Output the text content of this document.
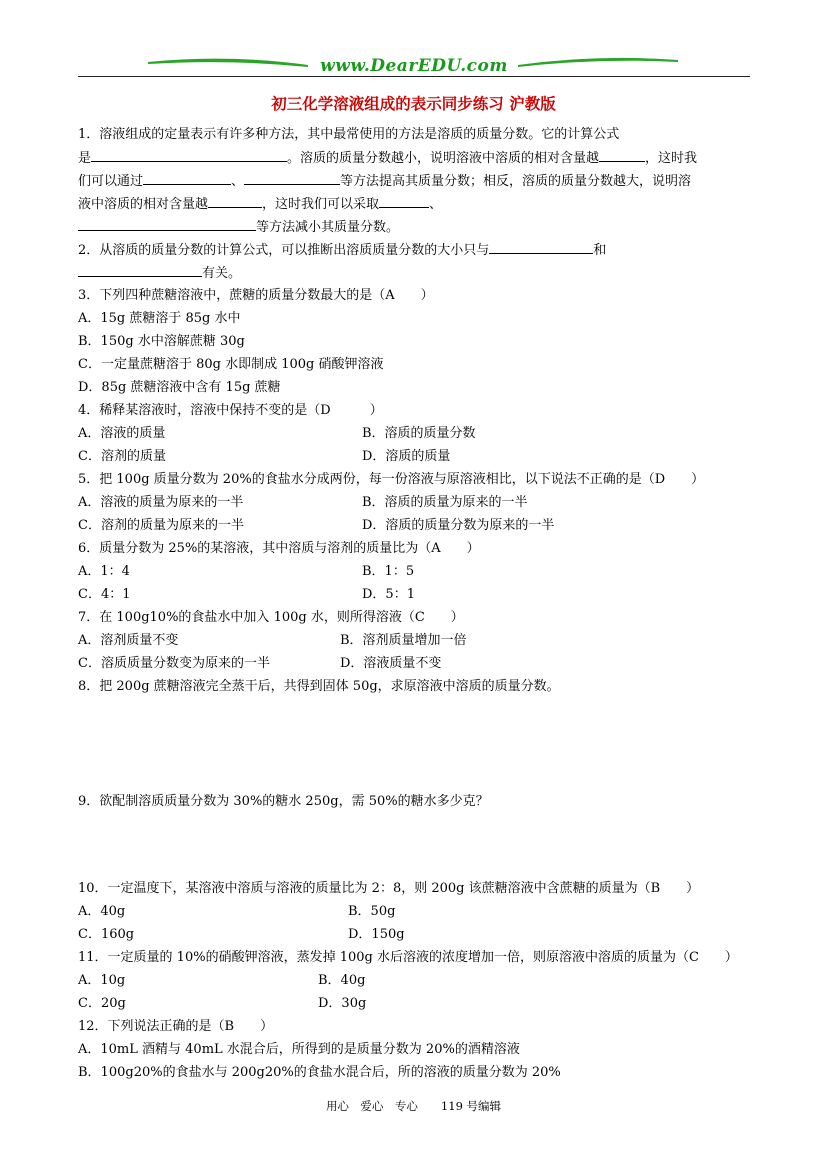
www.DearEDU.com
初三化学溶液组成的表示同步练习 沪教版
1．溶液组成的定量表示有许多种方法，其中最常使用的方法是溶质的质量分数。它的计算公式
是	。溶质的质量分数越小，说明溶液中溶质的相对含量越	，这时我
们可以通过	、	等方法提高其质量分数；相反，溶质的质量分数越大，说明溶
液中溶质的相对含量越	，这时我们可以采取	、
等方法减小其质量分数。
2．从溶质的质量分数的计算公式，可以推断出溶质质量分数的大小只与	和
有关。
3．下列四种蔗糖溶液中，蔗糖的质量分数最大的是（A　　）
A．15g 蔗糖溶于 85g 水中
B．150g 水中溶解蔗糖 30g
C．一定量蔗糖溶于 80g 水即制成 100g 硝酸钾溶液
D．85g 蔗糖溶液中含有 15g 蔗糖
4．稀释某溶液时，溶液中保持不变的是（D　　　）
A．溶液的质量	B．溶质的质量分数
C．溶剂的质量	D．溶质的质量
5．把 100g 质量分数为 20%的食盐水分成两份，每一份溶液与原溶液相比，以下说法不正确的是（D　　）
A．溶液的质量为原来的一半	B．溶质的质量为原来的一半
C．溶剂的质量为原来的一半	D．溶质的质量分数为原来的一半
6．质量分数为 25%的某溶液，其中溶质与溶剂的质量比为（A　　）
A．1：4	B．1：5
C．4：1	D．5：1
7．在 100g10%的食盐水中加入 100g 水，则所得溶液（C　　）
A．溶剂质量不变	B．溶剂质量增加一倍
C．溶质质量分数变为原来的一半	D．溶液质量不变
8．把 200g 蔗糖溶液完全蒸干后，共得到固体 50g，求原溶液中溶质的质量分数。
9．欲配制溶质质量分数为 30%的糖水 250g，需 50%的糖水多少克？
10．一定温度下，某溶液中溶质与溶液的质量比为 2：8，则 200g 该蔗糖溶液中含蔗糖的质量为（B　　）
A．40g	B．50g
C．160g	D．150g
11．一定质量的 10%的硝酸钾溶液，蒸发掉 100g 水后溶液的浓度增加一倍，则原溶液中溶质的质量为（C　　）
A．10g	B．40g
C．20g	D．30g
12．下列说法正确的是（B　　）
A．10mL 酒精与 40mL 水混合后，所得到的是质量分数为 20%的酒精溶液
B．100g20%的食盐水与 200g20%的食盐水混合后，所的溶液的质量分数为 20%
用心　爱心　专心　　119 号编辑
